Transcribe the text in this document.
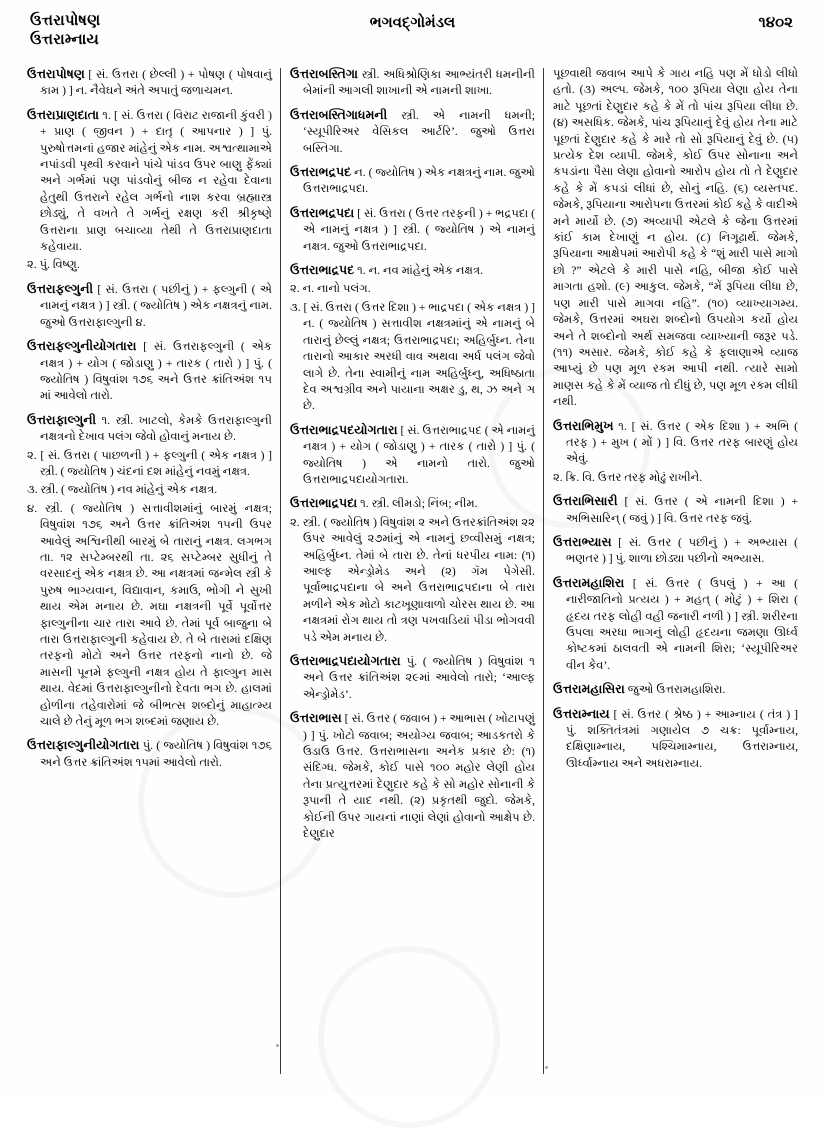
ઉત્તરાપોષણ
ઉત્તરામ્નાય
ભગવદ્ગોમંડલ	૧૪૦૨

ઉત્તરાપોષણ [ સં. ઉત્તરા ( છેલ્લી ) + પોષણ ( પોષવાનું કામ ) ] ન. નૈવેઘને અંતે અપાતું જળાચમન.

ઉત્તરાપ્રાણદાતા ૧. [ સં. ઉત્તરા ( વિરાટ રાજાની કુંવરી ) + પ્રાણ ( જીવન ) + દાતૃ ( આપનાર ) ] પું. પુરુષોત્તમનાં હજાર માંહેનું એક નામ. અશ્વત્થામાએ નપાંડવી પૃથ્વી કરવાને પાંચે પાંડવ ઉપર બાણુ ફેંક્યાં અને ગર્ભમાં પણ પાંડવોનું બીજ ન રહેવા દેવાના હેતુથી ઉત્તરાને રહેલ ગર્ભનો નાશ કરવા બ્રહ્માસ્ત્ર છોડ્યું, તે વખતે તે ગર્ભનું રક્ષણ કરી શ્રીકૃષ્ણે ઉત્તરાના પ્રાણ બચાવ્યા તેથી તે ઉત્તરાપ્રાણદાતા કહેવાયા.

૨. પું. વિષ્ણુ.

ઉત્તરાફલ્ગુની [ સં. ઉત્તરા ( પછીનું ) + ફલ્ગુની ( એ નામનું નક્ષત્ર ) ] સ્ત્રી. ( જ્યોતિષ ) એક નક્ષત્રનું નામ. જુઓ ઉત્તરાફાલ્ગુની ૪.

ઉત્તરાફલ્ગુનીયોગતારા [ સં. ઉત્તરાફલ્ગુની ( એક નક્ષત્ર ) + યોગ ( જોડાણુ ) + તારક ( તારો ) ] પું. ( જ્યોતિષ ) વિષુવાંશ ૧૭૬ અને ઉત્તર ક્રાંતિઅંશ ૧૫ માં આવેલો તારો.

ઉત્તરાફાલ્ગુની ૧. સ્ત્રી. ખાટલો, કેમકે ઉત્તરાફાલ્ગુની નક્ષત્રનો દેખાવ પલંગ જેવો હોવાનું મનાય છે.

૨. [ સં. ઉત્તરા ( પાછળની ) + ફલ્ગુની ( એક નક્ષત્ર ) ] સ્ત્રી. ( જ્યોતિષ ) ચંદનાં દશ માંહેનું નવમું નક્ષત્ર.

૩. સ્ત્રી. ( જ્યોતિષ ) નવ માંહેનું એક નક્ષત્ર.

૪. સ્ત્રી. ( જ્યોતિષ ) સત્તાવીશમાંનું બારમું નક્ષત્ર; વિષુવાંશ ૧૭૬ અને ઉત્તર ક્રાંતિઅંશ ૧૫ની ઉપર આવેલું અશ્વિનીથી બારમું બે તારાનું નક્ષત્ર. લગભગ તા. ૧૨ સપ્ટેમ્બરથી તા. ૨૬ સપ્ટેમ્બર સુધીનું તે વરસાદનું એક નક્ષત્ર છે. આ નક્ષત્રમાં જન્મેલ સ્ત્રી કે પુરુષ ભાગ્યવાન, વિદ્યાવાન, કમાઉ, ભોગી ને સુખી થાય એમ મનાય છે. મઘા નક્ષત્રની પૂર્વે પૂર્વોત્તર ફાલ્ગુનીના ચાર તારા આવે છે. તેમાં પૂર્વ બાજુના બે તારા ઉત્તરાફાલ્ગુની કહેવાય છે. તે બે તારામાં દક્ષિણ તરફનો મોટો અને ઉત્તર તરફનો નાનો છે. જે માસની પૂનમે ફલ્ગુની નક્ષત્ર હોય તે ફાલ્ગુન માસ થાય. વેદમાં ઉત્તરાફાલ્ગુનીનો દેવતા ભગ છે. હાલમાં હોળીના તહેવારોમાં જે બીભત્સ શબ્દોનું માહાત્મ્ય ચાલે છે તેનું મૂળ ભગ શબ્દમાં જણાય છે.

ઉત્તરાફાલ્ગુનીયોગતારા પું. ( જ્યોતિષ ) વિષુવાંશ ૧૭૬ અને ઉત્તર ક્રાંતિઅંશ ૧૫માં આવેલો તારો.

ઉત્તરાબસ્તિગા સ્ત્રી. અધિશ્રોણિકા આભ્યંતરી ધમનીની બેમાંની આગલી શાખાની એ નામની શાખા.

ઉત્તરાબસ્તિગાધમની સ્ત્રી. એ નામની ધમની; ‘સ્યૂપીરિઅર વેસિકલ આર્ટરિ’. જુઓ ઉત્તરા બસ્તિગા.

ઉત્તરાભદ્રપદ ન. ( જ્યોતિષ ) એક નક્ષત્રનું નામ. જુઓ ઉત્તરાભાદ્રપદા.

ઉત્તરાભદ્રપદા [ સં. ઉત્તરા ( ઉત્તર તરફની ) + ભદ્રપદા ( એ નામનું નક્ષત્ર ) ] સ્ત્રી. ( જ્યોતિષ ) એ નામનું નક્ષત્ર. જુઓ ઉત્તરાભાદ્રપદા.

ઉત્તરાભાદ્રપદ ૧. ન. નવ માંહેનું એક નક્ષત્ર.

૨. ન. નાનો પલંગ.

૩. [ સં. ઉત્તરા ( ઉત્તર દિશા ) + ભાદ્રપદા ( એક નક્ષત્ર ) ] ન. ( જ્યોતિષ ) સત્તાવીશ નક્ષત્રમાંનું એ નામનું બે તારાનું છેલ્લું નક્ષત્ર; ઉત્તરાભાદ્રપદા; અહિર્બુધ્ન. તેના તારાનો આકાર અરધી વાવ અથવા અર્ધ પલંગ જેવો લાગે છે. તેના સ્વામીનું નામ અહિર્બુધ્નુ, અધિષ્ઠાતા દેવ અશ્વગ્રીવ અને પાયાના અક્ષર ડુ, થ, ઝ અને ઞ છે.

ઉત્તરાભાદ્રપદયોગતારા [ સં. ઉત્તરાભાદ્રપદ ( એ નામનું નક્ષત્ર ) + યોગ ( જોડાણુ ) + તારક ( તારો ) ] પું. ( જ્યોતિષ ) એ નામનો તારો. જુઓ ઉત્તરાભાદ્રપદાયોગતારા.

ઉત્તરાભાદ્રપદા ૧. સ્ત્રી. લીમડો; નિંબ; નીમ.

૨. સ્ત્રી. ( જ્યોતિષ ) વિષુવાંશ ૨ અને ઉત્તરક્રાંતિઅંશ ૨૨ ઉપર આવેલું ૨૭માંનું એ નામનું છવ્વીસમું નક્ષત્ર; અહિર્બુધ્ન. તેમાં બે તારા છે. તેનાં ધરપીય નામ: (૧) આલ્ફ એન્ડ્રોમેડ અને (૨) ગૅમ પેગેસી. પૂર્વાભાદ્રપદાના બે અને ઉત્તરાભાદ્રપદાના બે તારા મળીને એક મોટો કાટખૂણાવાળો ચોરસ થાય છે. આ નક્ષત્રમાં રોગ થાય તો ત્રણ પખવાડિયાં પીડા ભોગવવી પડે એમ મનાય છે.

ઉત્તરાભાદ્રપદાયોગતારા પું. ( જ્યોતિષ ) વિષુવાંશ ૧ અને ઉત્તર ક્રાંતિઅંશ ૨૯માં આવેલો તારો; ‘આલ્ફ એન્ડ્રોમેડ’.

ઉત્તરાભાસ [ સં. ઉત્તર ( જવાબ ) + આભાસ ( ખોટાપણું ) ] પું. ખોટો જવાબ; અયોગ્ય જવાબ; આડકતરો કે ઉડાઉ ઉત્તર. ઉત્તરાભાસના અનેક પ્રકાર છે: (૧) સંદિગ્ધ. જેમકે, કોઈ પાસે ૧૦૦ મહોર લેણી હોય તેના પ્રત્યુત્તરમાં દેણુદાર કહે કે સો મહોર સોનાની કે રૂપાની તે યાદ નથી. (૨) પ્રકૃતથી જુદો. જેમકે, કોઈની ઉપર ગાયનાં નાણાં લેણાં હોવાનો આક્ષેપ છે. દેણુદાર

પૂછવાથી જવાબ આપે કે ગાય નહિ પણ મેં ધોડો લીધો હતો. (૩) અલ્પ. જેમકે, ૧૦૦ રૂપિયા લેણા હોય તેના માટે પૂછતાં દેણુદાર કહે કે મેં તો પાંચ રૂપિયા લીધા છે. (૪) અસધિક. જેમકે, પાંચ રૂપિયાનું દેવું હોય તેના માટે પૂછતાં દેણુદાર કહે કે મારે તો સો રૂપિયાનું દેવું છે. (૫) પ્રત્યેક દેશ વ્યાપી. જેમકે, કોઈ ઉપર સોનાના અને કપડાંના પૈસા લેણા હોવાનો આરોપ હોય તો તે દેણુદાર કહે કે મેં કપડાં લીધાં છે, સોનું નહિ. (૬) વ્યસ્તપદ. જેમકે, રૂપિયાના આરોપના ઉત્તરમાં કોઈ કહે કે વાદીએ મને માર્યો છે. (૭) અવ્યાપી એટલે કે જેના ઉત્તરમાં કાંઈ કામ દેખાણું ન હોય. (૮) નિગૂઢાર્થ. જેમકે, રૂપિયાના આક્ષેપમાં આરોપી કહે કે “શું મારી પાસે માગો છો ?” એટલે કે મારી પાસે નહિ, બીજા કોઈ પાસે માગતા હશો. (૯) આકુલ. જેમકે, “મેં રૂપિયા લીધા છે, પણ મારી પાસે માગવા નહિ”. (૧૦) વ્યાખ્યાગમ્ય. જેમકે, ઉત્તરમાં અઘરા શબ્દોનો ઉપયોગ કર્યો હોય અને તે શબ્દોનો અર્થ સમજવા વ્યાખ્યાની જરૂર પડે. (૧૧) અસાર. જેમકે, કોઈ કહે કે ફલાણાએ વ્યાજ આપ્યું છે પણ મૂળ રકમ આપી નથી. ત્યારે સામો માણસ કહે કે મેં વ્યાજ તો દીધું છે, પણ મૂળ રકમ લીધી નથી.

ઉત્તરાભિમુખ ૧. [ સં. ઉત્તર ( એક દિશા ) + અભિ ( તરફ ) + મુખ ( મોં ) ] વિ. ઉત્તર તરફ બારણું હોય એવું.

૨. ક્રિ. વિ. ઉત્તર તરફ મોઢું રાખીને.

ઉત્તરાભિસારી [ સં. ઉત્તર ( એ નામની દિશા ) + અભિસારિન્ ( જવું ) ] વિ. ઉત્તર તરફ જવું.

ઉત્તરાભ્યાસ [ સં. ઉત્તર ( પછીનું ) + અભ્યાસ ( ભણતર ) ] પું. શાળા છોડ્યા પછીનો અભ્યાસ.

ઉત્તરામહાશિરા [ સં. ઉત્તર ( ઉપલું ) + આ ( નારીજાતિનો પ્રત્યય ) + મહત્ ( મોટું ) + શિરા ( હૃદય તરફ લોહી વહી જનારી નળી ) ] સ્ત્રી. શરીરના ઉપલા અરધા ભાગનું લોહી હૃદયના જમણા ઊર્ધ્વ કોષ્ટકમાં ઠાલવતી એ નામની શિરા; ‘સ્યૂપીરિઅર વીન કેવ’.

ઉત્તરામહાસિરા જુઓ ઉત્તરામહાશિરા.

ઉત્તરામ્નાય [ સં. ઉત્તર ( શ્રેષ્ઠ ) + આમ્નાય ( તંત્ર ) ] પું. શક્તિતંત્રમાં ગણાયેલ ૭ ચક્ર: પૂર્વામ્નાય, દક્ષિણામ્નાય, પશ્ચિમામ્નાય, ઉત્તરામ્નાય, ઊર્ધ્વામ્નાય અને અધરામ્નાય.
